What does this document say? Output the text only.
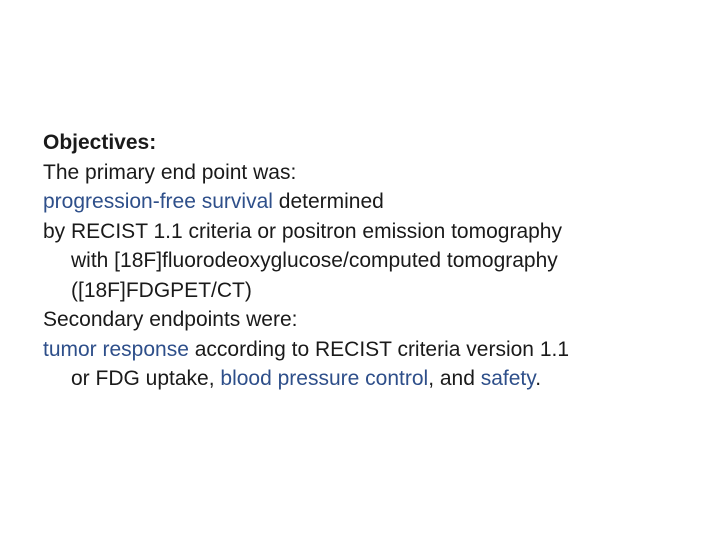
Objectives:
The primary end point was:
progression-free survival determined
by RECIST 1.1 criteria or positron emission tomography
with [18F]fluorodeoxyglucose/computed tomography
([18F]FDGPET/CT)
Secondary endpoints were:
tumor response according to RECIST criteria version 1.1
or FDG uptake, blood pressure control, and safety.
